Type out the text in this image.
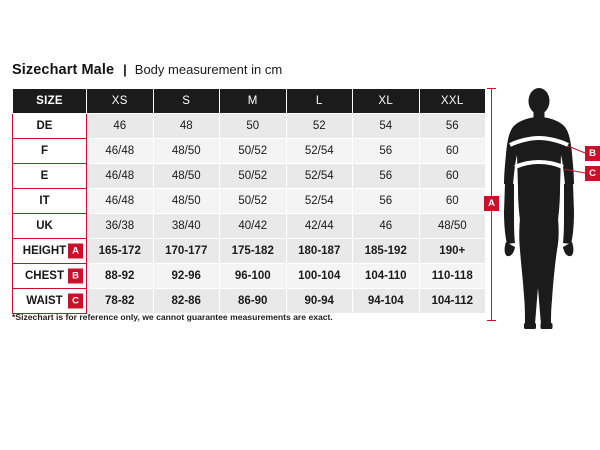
Sizechart Male | Body measurement in cm
SIZE	XS	S	M	L	XL	XXL
DE	46	48	50	52	54	56
F	46/48	48/50	50/52	52/54	56	60
E	46/48	48/50	50/52	52/54	56	60
IT	46/48	48/50	50/52	52/54	56	60
UK	36/38	38/40	40/42	42/44	46	48/50
HEIGHT A	165-172	170-177	175-182	180-187	185-192	190+
CHEST B	88-92	92-96	96-100	100-104	104-110	110-118
WAIST C	78-82	82-86	86-90	90-94	94-104	104-112
*Sizechart is for reference only, we cannot guarantee measurements are exact.
A
B
C
